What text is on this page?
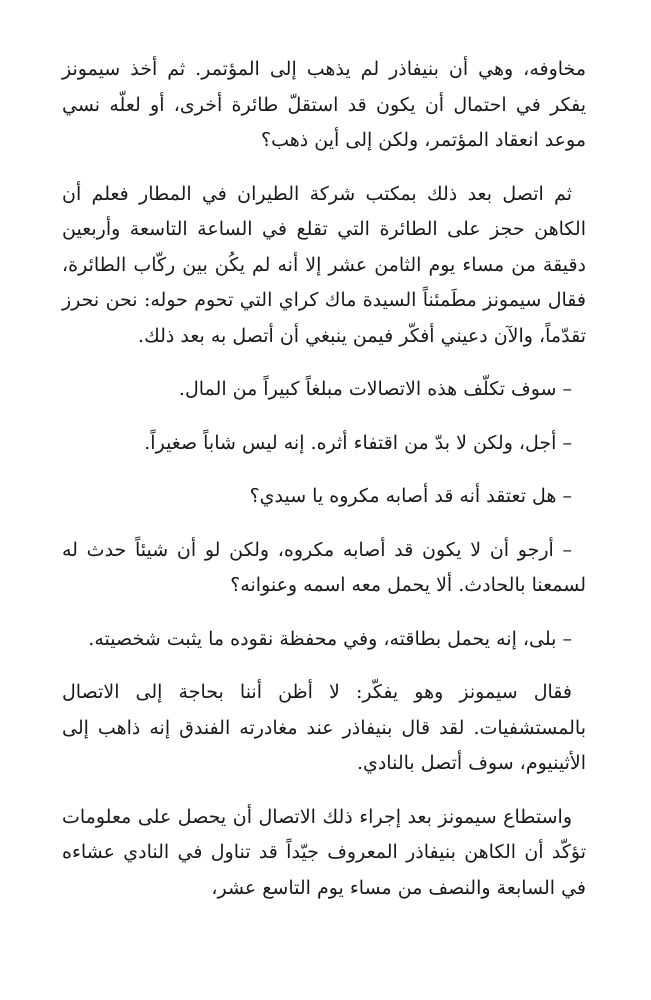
مخاوفه، وهي أن بنيفاذر لم يذهب إلى المؤتمر. ثم أخذ سيمونز يفكر في احتمال أن يكون قد استقلّ طائرة أخرى، أو لعلّه نسي موعد انعقاد المؤتمر، ولكن إلى أين ذهب؟

ثم اتصل بعد ذلك بمكتب شركة الطيران في المطار فعلم أن الكاهن حجز على الطائرة التي تقلع في الساعة التاسعة وأربعين دقيقة من مساء يوم الثامن عشر إلا أنه لم يكُن بين ركّاب الطائرة، فقال سيمونز مطَمئناً السيدة ماك كراي التي تحوم حوله: نحن نحرز تقدّماً، والآن دعيني أفكّر فيمن ينبغي أن أتصل به بعد ذلك.

– سوف تكلّف هذه الاتصالات مبلغاً كبيراً من المال.

– أجل، ولكن لا بدّ من اقتفاء أثره. إنه ليس شاباً صغيراً.

– هل تعتقد أنه قد أصابه مكروه يا سيدي؟

– أرجو أن لا يكون قد أصابه مكروه، ولكن لو أن شيئاً حدث له لسمعنا بالحادث. ألا يحمل معه اسمه وعنوانه؟

– بلى، إنه يحمل بطاقته، وفي محفظة نقوده ما يثبت شخصيته.

فقال سيمونز وهو يفكّر: لا أظن أننا بحاجة إلى الاتصال بالمستشفيات. لقد قال بنيفاذر عند مغادرته الفندق إنه ذاهب إلى الأثينيوم، سوف أتصل بالنادي.

واستطاع سيمونز بعد إجراء ذلك الاتصال أن يحصل على معلومات تؤكّد أن الكاهن بنيفاذر المعروف جيّداً قد تناول في النادي عشاءه في السابعة والنصف من مساء يوم التاسع عشر،
